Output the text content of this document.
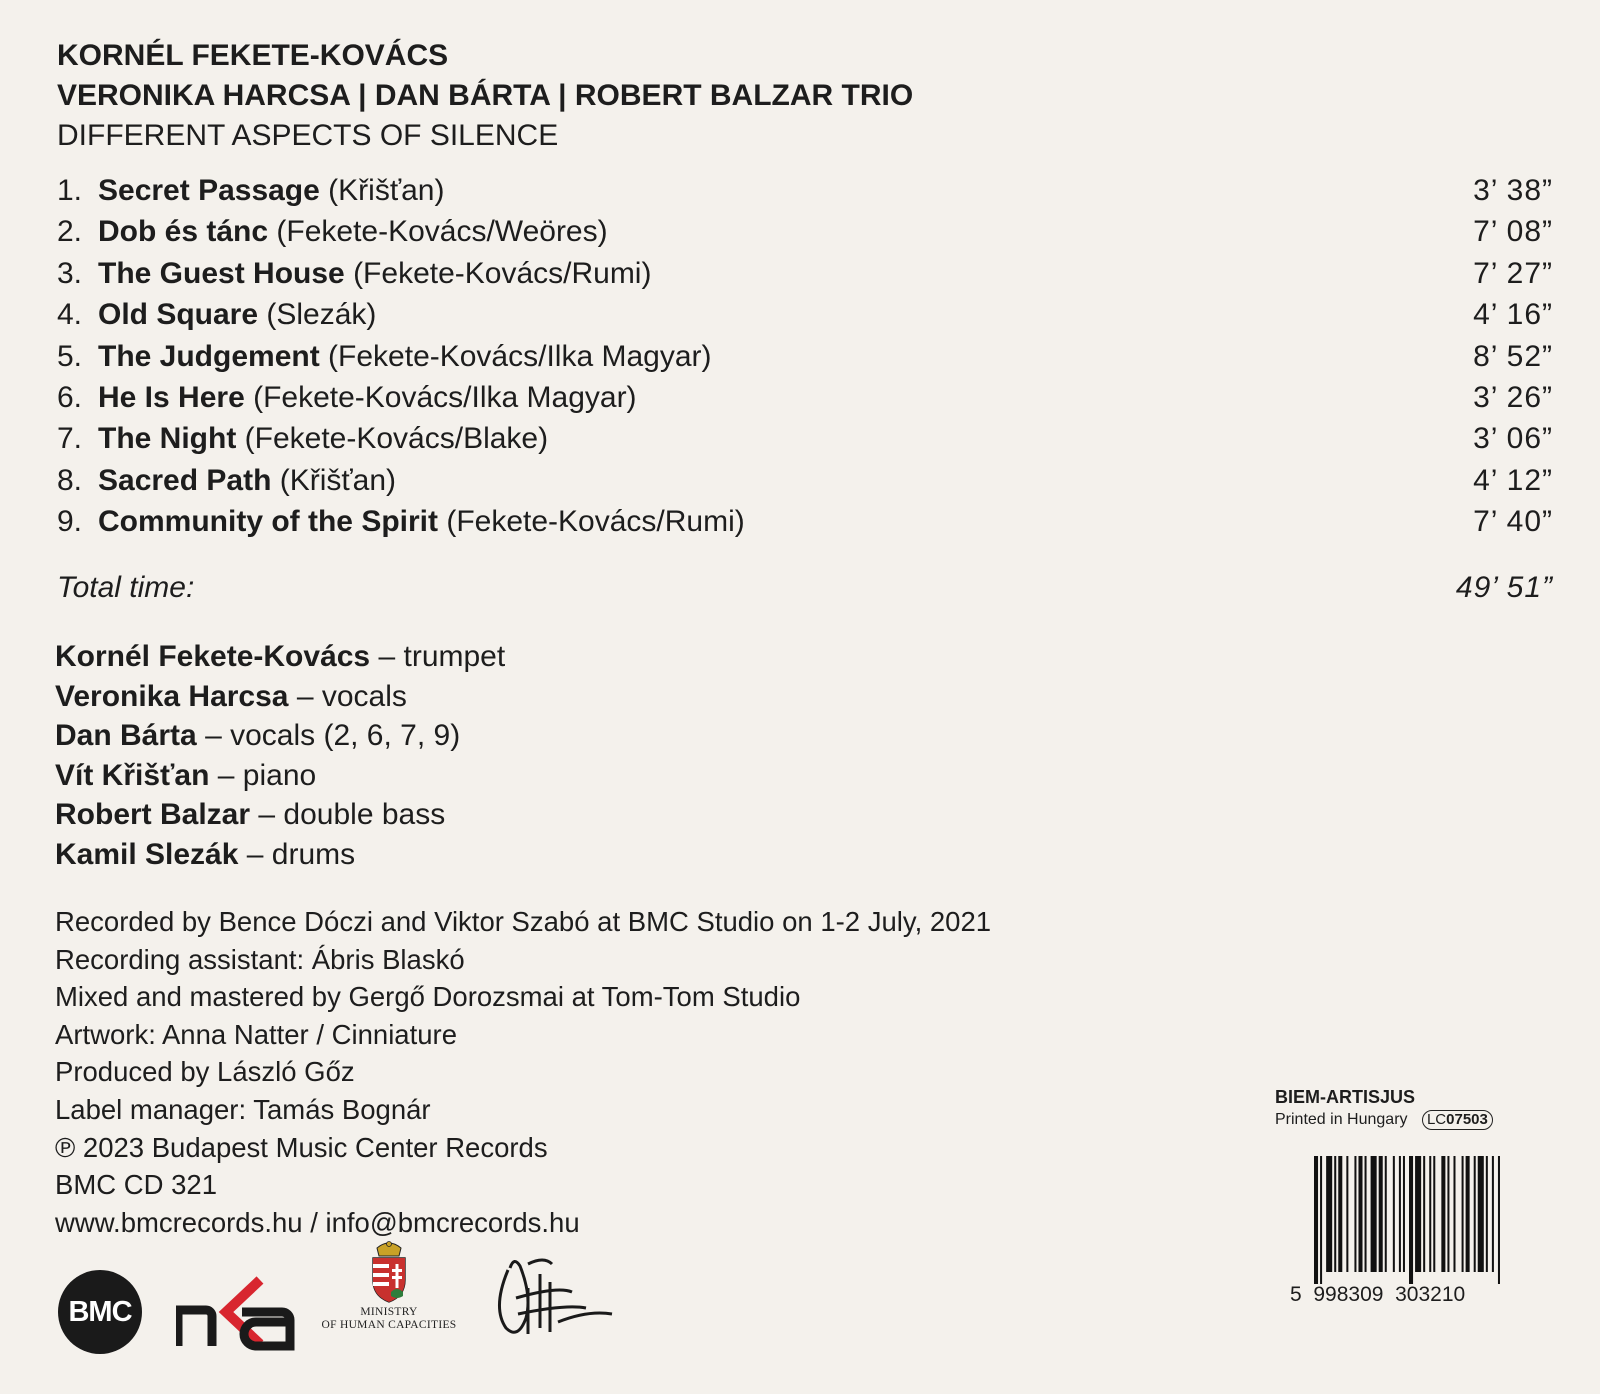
KORNÉL FEKETE-KOVÁCS
VERONIKA HARCSA | DAN BÁRTA | ROBERT BALZAR TRIO
DIFFERENT ASPECTS OF SILENCE
1. Secret Passage (Křišťan)	3’ 38”
2. Dob és tánc (Fekete-Kovács/Weöres)	7’ 08”
3. The Guest House (Fekete-Kovács/Rumi)	7’ 27”
4. Old Square (Slezák)	4’ 16”
5. The Judgement (Fekete-Kovács/Ilka Magyar)	8’ 52”
6. He Is Here (Fekete-Kovács/Ilka Magyar)	3’ 26”
7. The Night (Fekete-Kovács/Blake)	3’ 06”
8. Sacred Path (Křišťan)	4’ 12”
9. Community of the Spirit (Fekete-Kovács/Rumi)	7’ 40”
Total time:	49’ 51”
Kornél Fekete-Kovács – trumpet
Veronika Harcsa – vocals
Dan Bárta – vocals (2, 6, 7, 9)
Vít Křišťan – piano
Robert Balzar – double bass
Kamil Slezák – drums
Recorded by Bence Dóczi and Viktor Szabó at BMC Studio on 1-2 July, 2021
Recording assistant: Ábris Blaskó
Mixed and mastered by Gergő Dorozsmai at Tom-Tom Studio
Artwork: Anna Natter / Cinniature
Produced by László Gőz
Label manager: Tamás Bognár
℗ 2023 Budapest Music Center Records
BMC CD 321
www.bmcrecords.hu / info@bmcrecords.hu
BMC	MINISTRY
OF HUMAN CAPACITIES
BIEM-ARTISJUS
Printed in Hungary LC07503
5 998309 303210
